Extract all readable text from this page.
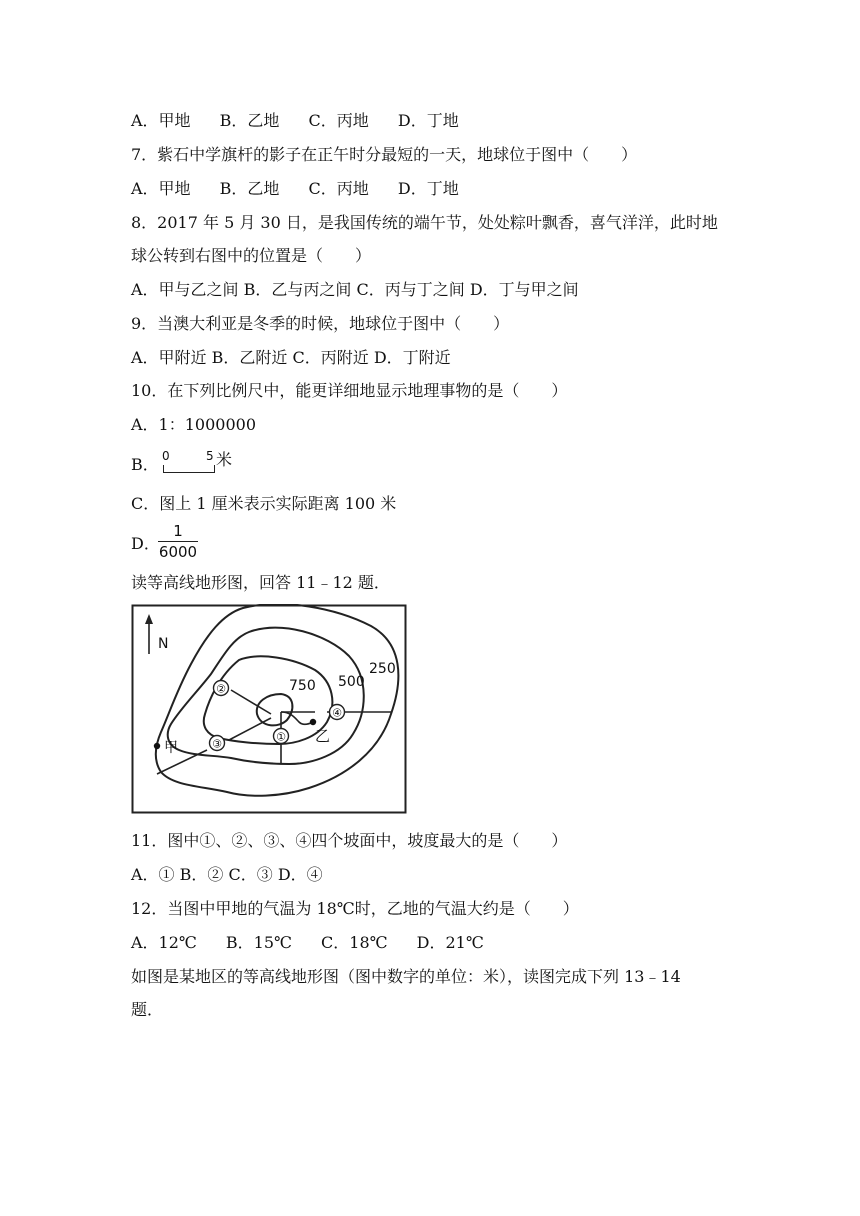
A．甲地 B．乙地 C．丙地 D．丁地
7．紫石中学旗杆的影子在正午时分最短的一天，地球位于图中（　　）
A．甲地 B．乙地 C．丙地 D．丁地
8．2017 年 5 月 30 日，是我国传统的端午节，处处粽叶飘香，喜气洋洋，此时地
球公转到右图中的位置是（　　）
A．甲与乙之间 B．乙与丙之间 C．丙与丁之间 D．丁与甲之间
9．当澳大利亚是冬季的时候，地球位于图中（　　）
A．甲附近 B．乙附近 C．丙附近 D．丁附近
10．在下列比例尺中，能更详细地显示地理事物的是（　　）
A．1：1000000
B． 0	5 米
C．图上 1 厘米表示实际距离 100 米
D．
1
6000
读等高线地形图，回答 11﹣12 题．
N
750 500
250
①
②
③
④
甲
乙
11．图中①、②、③、④四个坡面中，坡度最大的是（　　）
A．① B．② C．③ D．④
12．当图中甲地的气温为 18℃时，乙地的气温大约是（　　）
A．12℃ B．15℃ C．18℃ D．21℃
如图是某地区的等高线地形图（图中数字的单位：米），读图完成下列 13﹣14
题．
